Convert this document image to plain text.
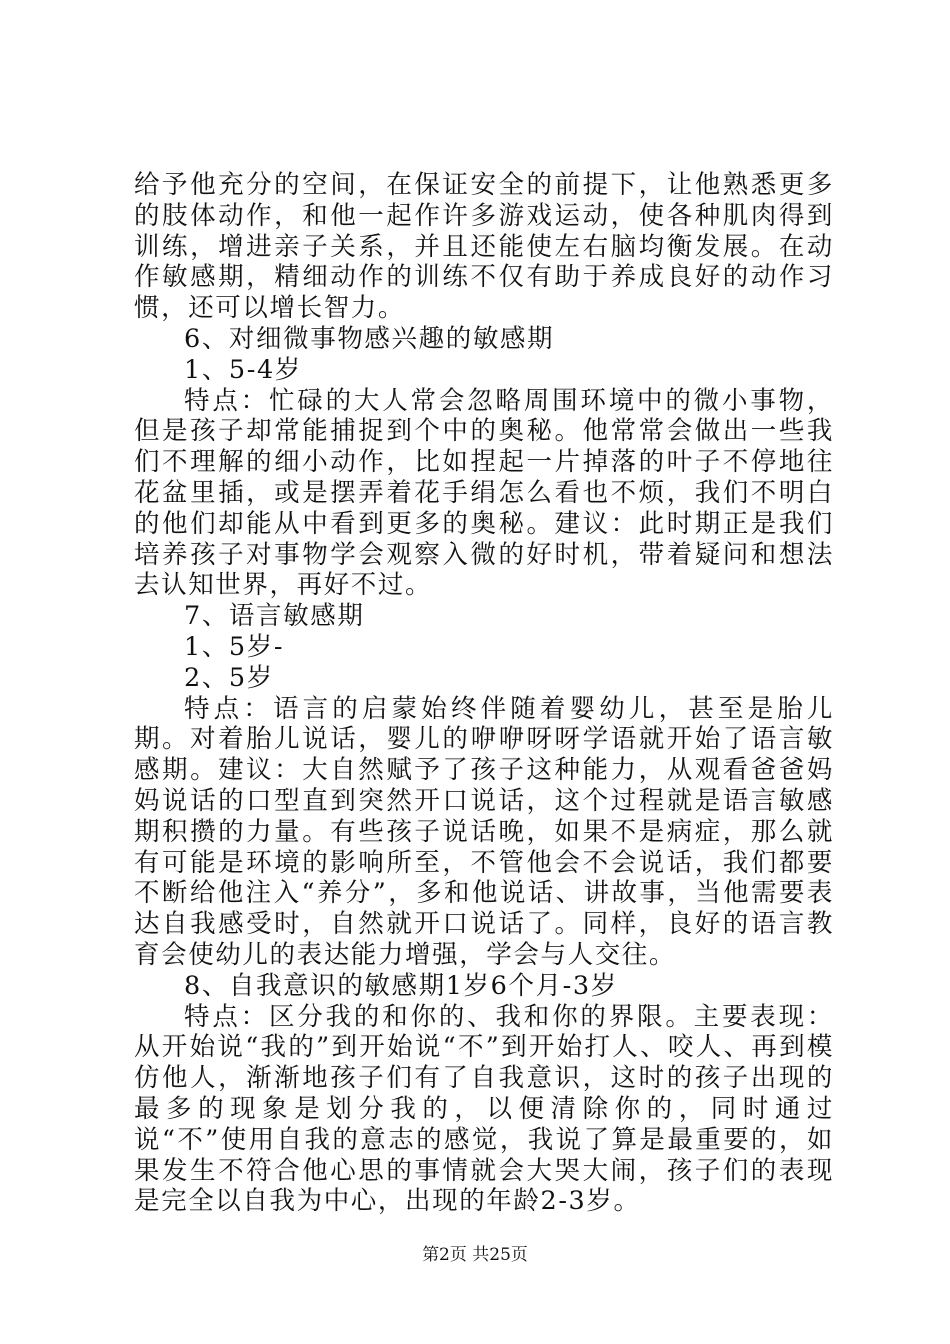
给予他充分的空间，在保证安全的前提下，让他熟悉更多的肢体动作，和他一起作许多游戏运动，使各种肌肉得到训练，增进亲子关系，并且还能使左右脑均衡发展。在动作敏感期，精细动作的训练不仅有助于养成良好的动作习惯，还可以增长智力。

6、对细微事物感兴趣的敏感期

1、5-4岁

特点：忙碌的大人常会忽略周围环境中的微小事物，但是孩子却常能捕捉到个中的奥秘。他常常会做出一些我们不理解的细小动作，比如捏起一片掉落的叶子不停地往花盆里插，或是摆弄着花手绢怎么看也不烦，我们不明白的他们却能从中看到更多的奥秘。建议：此时期正是我们培养孩子对事物学会观察入微的好时机，带着疑问和想法去认知世界，再好不过。

7、语言敏感期

1、5岁-

2、5岁

特点：语言的启蒙始终伴随着婴幼儿，甚至是胎儿期。对着胎儿说话，婴儿的咿咿呀呀学语就开始了语言敏感期。建议：大自然赋予了孩子这种能力，从观看爸爸妈妈说话的口型直到突然开口说话，这个过程就是语言敏感期积攒的力量。有些孩子说话晚，如果不是病症，那么就有可能是环境的影响所至，不管他会不会说话，我们都要不断给他注入“养分”，多和他说话、讲故事，当他需要表达自我感受时，自然就开口说话了。同样，良好的语言教育会使幼儿的表达能力增强，学会与人交往。

8、自我意识的敏感期1岁6个月-3岁

特点：区分我的和你的、我和你的界限。主要表现：从开始说“我的”到开始说“不”到开始打人、咬人、再到模仿他人，渐渐地孩子们有了自我意识，这时的孩子出现的最多的现象是划分我的，以便清除你的，同时通过说“不”使用自我的意志的感觉，我说了算是最重要的，如果发生不符合他心思的事情就会大哭大闹，孩子们的表现是完全以自我为中心，出现的年龄2-3岁。

第2页 共25页
